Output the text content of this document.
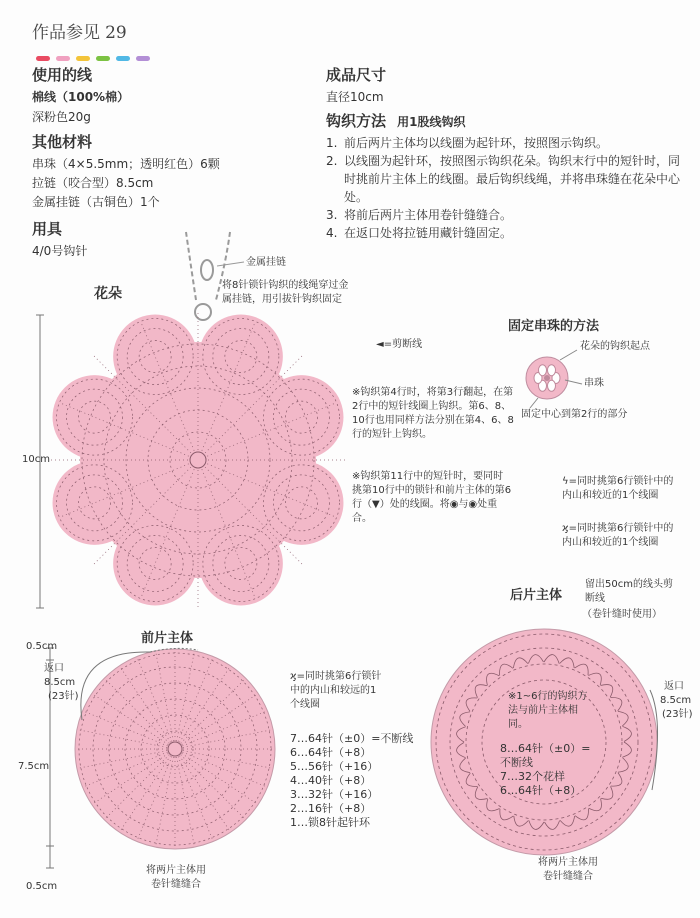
作品参见 29
使用的线
棉线（100%棉）
深粉色20g
其他材料
串珠（4×5.5mm；透明红色）6颗
拉链（咬合型）8.5cm
金属挂链（古铜色）1个
用具
4/0号钩针
成品尺寸
直径10cm
钩织方法 用1股线钩织
1. 前后两片主体均以线圈为起针环，按照图示钩织。
2. 以线圈为起针环，按照图示钩织花朵。钩织末行中的短针时，同时挑前片主体上的线圈。最后钩织线绳，并将串珠缝在花朵中心处。
3. 将前后两片主体用卷针缝缝合。
4. 在返口处将拉链用藏针缝固定。
花朵
金属挂链
将8针锁针钩织的线绳穿过金属挂链，用引拔针钩织固定
◄=剪断线
※钩织第4行时，将第3行翻起，在第2行中的短针线圈上钩织。第6、8、10行也用同样方法分别在第4、6、8行的短针上钩织。
※钩织第11行中的短针时，要同时挑第10行中的锁针和前片主体的第6行（▼）处的线圈。将◉与◉处重合。
10cm
固定串珠的方法
花朵的钩织起点
串珠
固定中心到第2行的部分
ϟ=同时挑第6行锁针中的内山和较近的1个线圈
ϗ=同时挑第6行锁针中的内山和较近的1个线圈
前片主体
0.5cm
返口
8.5cm
(23针)
7.5cm
0.5cm
ϗ=同时挑第6行锁针中的内山和较远的1个线圈
7…64针（±0）=不断线
6…64针（+8）
5…56针（+16）
4…40针（+8）
3…32针（+16）
2…16针（+8）
1…锁8针起针环
将两片主体用卷针缝缝合
后片主体
留出50cm的线头剪断线
（卷针缝时使用）
※1~6行的钩织方法与前片主体相同。
8…64针（±0）=不断线
7…32个花样
6…64针（+8）
返口
8.5cm
(23针)
将两片主体用卷针缝缝合
